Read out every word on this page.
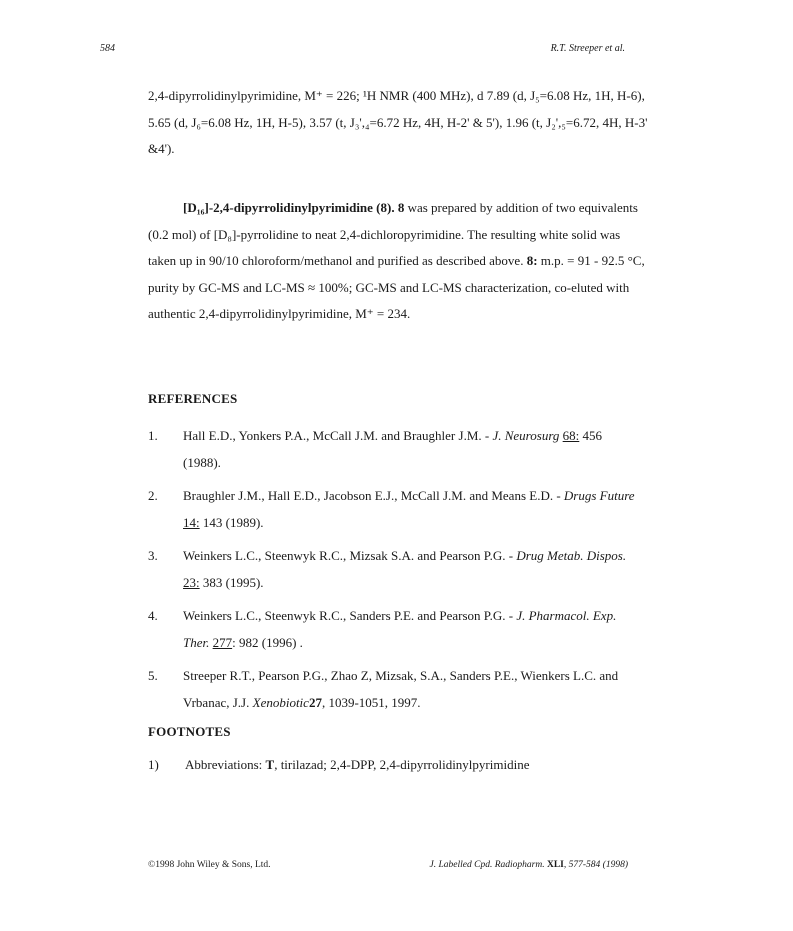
584	R.T. Streeper et al.
2,4-dipyrrolidinylpyrimidine, M⁺ = 226; ¹H NMR (400 MHz), d 7.89 (d, J₅=6.08 Hz, 1H, H-6), 5.65 (d, J₆=6.08 Hz, 1H, H-5), 3.57 (t, J₃',₄=6.72 Hz, 4H, H-2' & 5'), 1.96 (t, J₂',₅=6.72, 4H, H-3' &4').
[D₁₆]-2,4-dipyrrolidinylpyrimidine (8). 8 was prepared by addition of two equivalents (0.2 mol) of [D₈]-pyrrolidine to neat 2,4-dichloropyrimidine. The resulting white solid was taken up in 90/10 chloroform/methanol and purified as described above. 8: m.p. = 91 - 92.5 °C, purity by GC-MS and LC-MS ≈ 100%; GC-MS and LC-MS characterization, co-eluted with authentic 2,4-dipyrrolidinylpyrimidine, M⁺ = 234.
REFERENCES
1.	Hall E.D., Yonkers P.A., McCall J.M. and Braughler J.M. - J. Neurosurg 68: 456 (1988).
2.	Braughler J.M., Hall E.D., Jacobson E.J., McCall J.M. and Means E.D. - Drugs Future 14: 143 (1989).
3.	Weinkers L.C., Steenwyk R.C., Mizsak S.A. and Pearson P.G. - Drug Metab. Dispos. 23: 383 (1995).
4.	Weinkers L.C., Steenwyk R.C., Sanders P.E. and Pearson P.G. - J. Pharmacol. Exp. Ther. 277: 982 (1996) .
5.	Streeper R.T., Pearson P.G., Zhao Z, Mizsak, S.A., Sanders P.E., Wienkers L.C. and Vrbanac, J.J. Xenobiotic27, 1039-1051, 1997.
FOOTNOTES
1)	Abbreviations: T, tirilazad; 2,4-DPP, 2,4-dipyrrolidinylpyrimidine
©1998 John Wiley & Sons, Ltd.	J. Labelled Cpd. Radiopharm. XLI, 577-584 (1998)
